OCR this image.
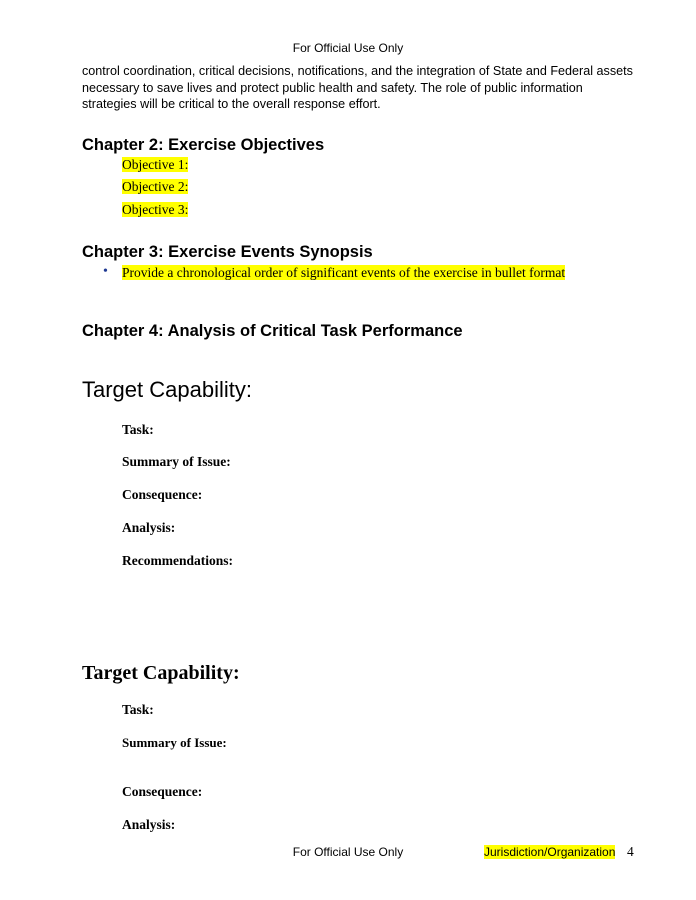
For Official Use Only
control coordination, critical decisions, notifications, and the integration of State and Federal assets
necessary to save lives and protect public health and safety. The role of public information
strategies will be critical to the overall response effort.
Chapter 2: Exercise Objectives
Objective 1:
Objective 2:
Objective 3:
Chapter 3: Exercise Events Synopsis
• Provide a chronological order of significant events of the exercise in bullet format
Chapter 4: Analysis of Critical Task Performance
Target Capability:
Task:
Summary of Issue:
Consequence:
Analysis:
Recommendations:
Target Capability:
Task:
Summary of Issue:
Consequence:
Analysis:
For Official Use Only	Jurisdiction/Organization 4
